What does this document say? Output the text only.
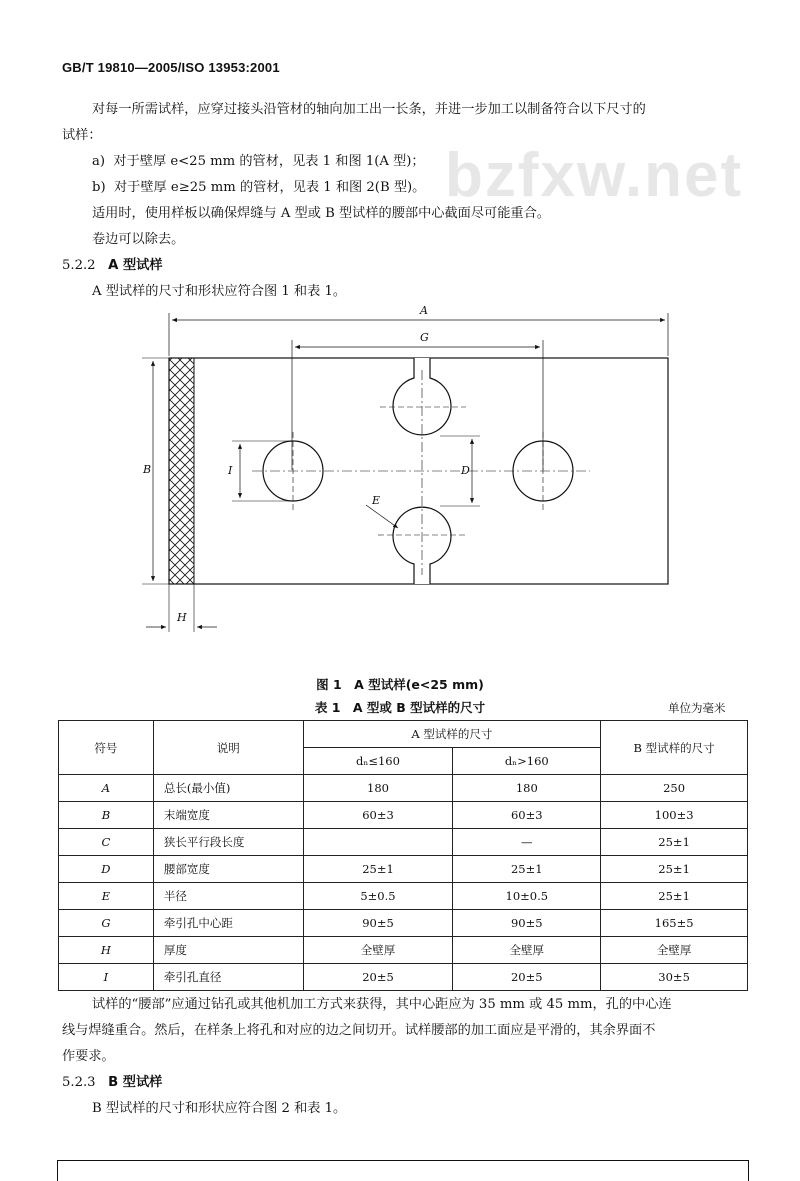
GB/T 19810—2005/ISO 13953:2001
bzfxw.net
对每一所需试样，应穿过接头沿管材的轴向加工出一长条，并进一步加工以制备符合以下尺寸的
试样：
a)  对于壁厚 e<25 mm 的管材，见表 1 和图 1(A 型)；
b)  对于壁厚 e≥25 mm 的管材，见表 1 和图 2(B 型)。
适用时，使用样板以确保焊缝与 A 型或 B 型试样的腰部中心截面尽可能重合。
卷边可以除去。
5.2.2 A 型试样
A 型试样的尺寸和形状应符合图 1 和表 1。
A
G
I	D
E
B
H
图 1　A 型试样(e<25 mm)
表 1　A 型或 B 型试样的尺寸	单位为毫米
符号	说明	A 型试样的尺寸		B 型试样的尺寸
		dₙ≤160	dₙ>160	
A	总长(最小值)	180	180	250
B	末端宽度	60±3	60±3	100±3
C	狭长平行段长度		—	25±1
D	腰部宽度	25±1	25±1	25±1
E	半径	5±0.5	10±0.5	25±1
G	牵引孔中心距	90±5	90±5	165±5
H	厚度	全壁厚	全壁厚	全壁厚
I	牵引孔直径	20±5	20±5	30±5
试样的“腰部”应通过钻孔或其他机加工方式来获得，其中心距应为 35 mm 或 45 mm，孔的中心连
线与焊缝重合。然后，在样条上将孔和对应的边之间切开。试样腰部的加工面应是平滑的，其余界面不
作要求。
5.2.3 B 型试样
B 型试样的尺寸和形状应符合图 2 和表 1。
